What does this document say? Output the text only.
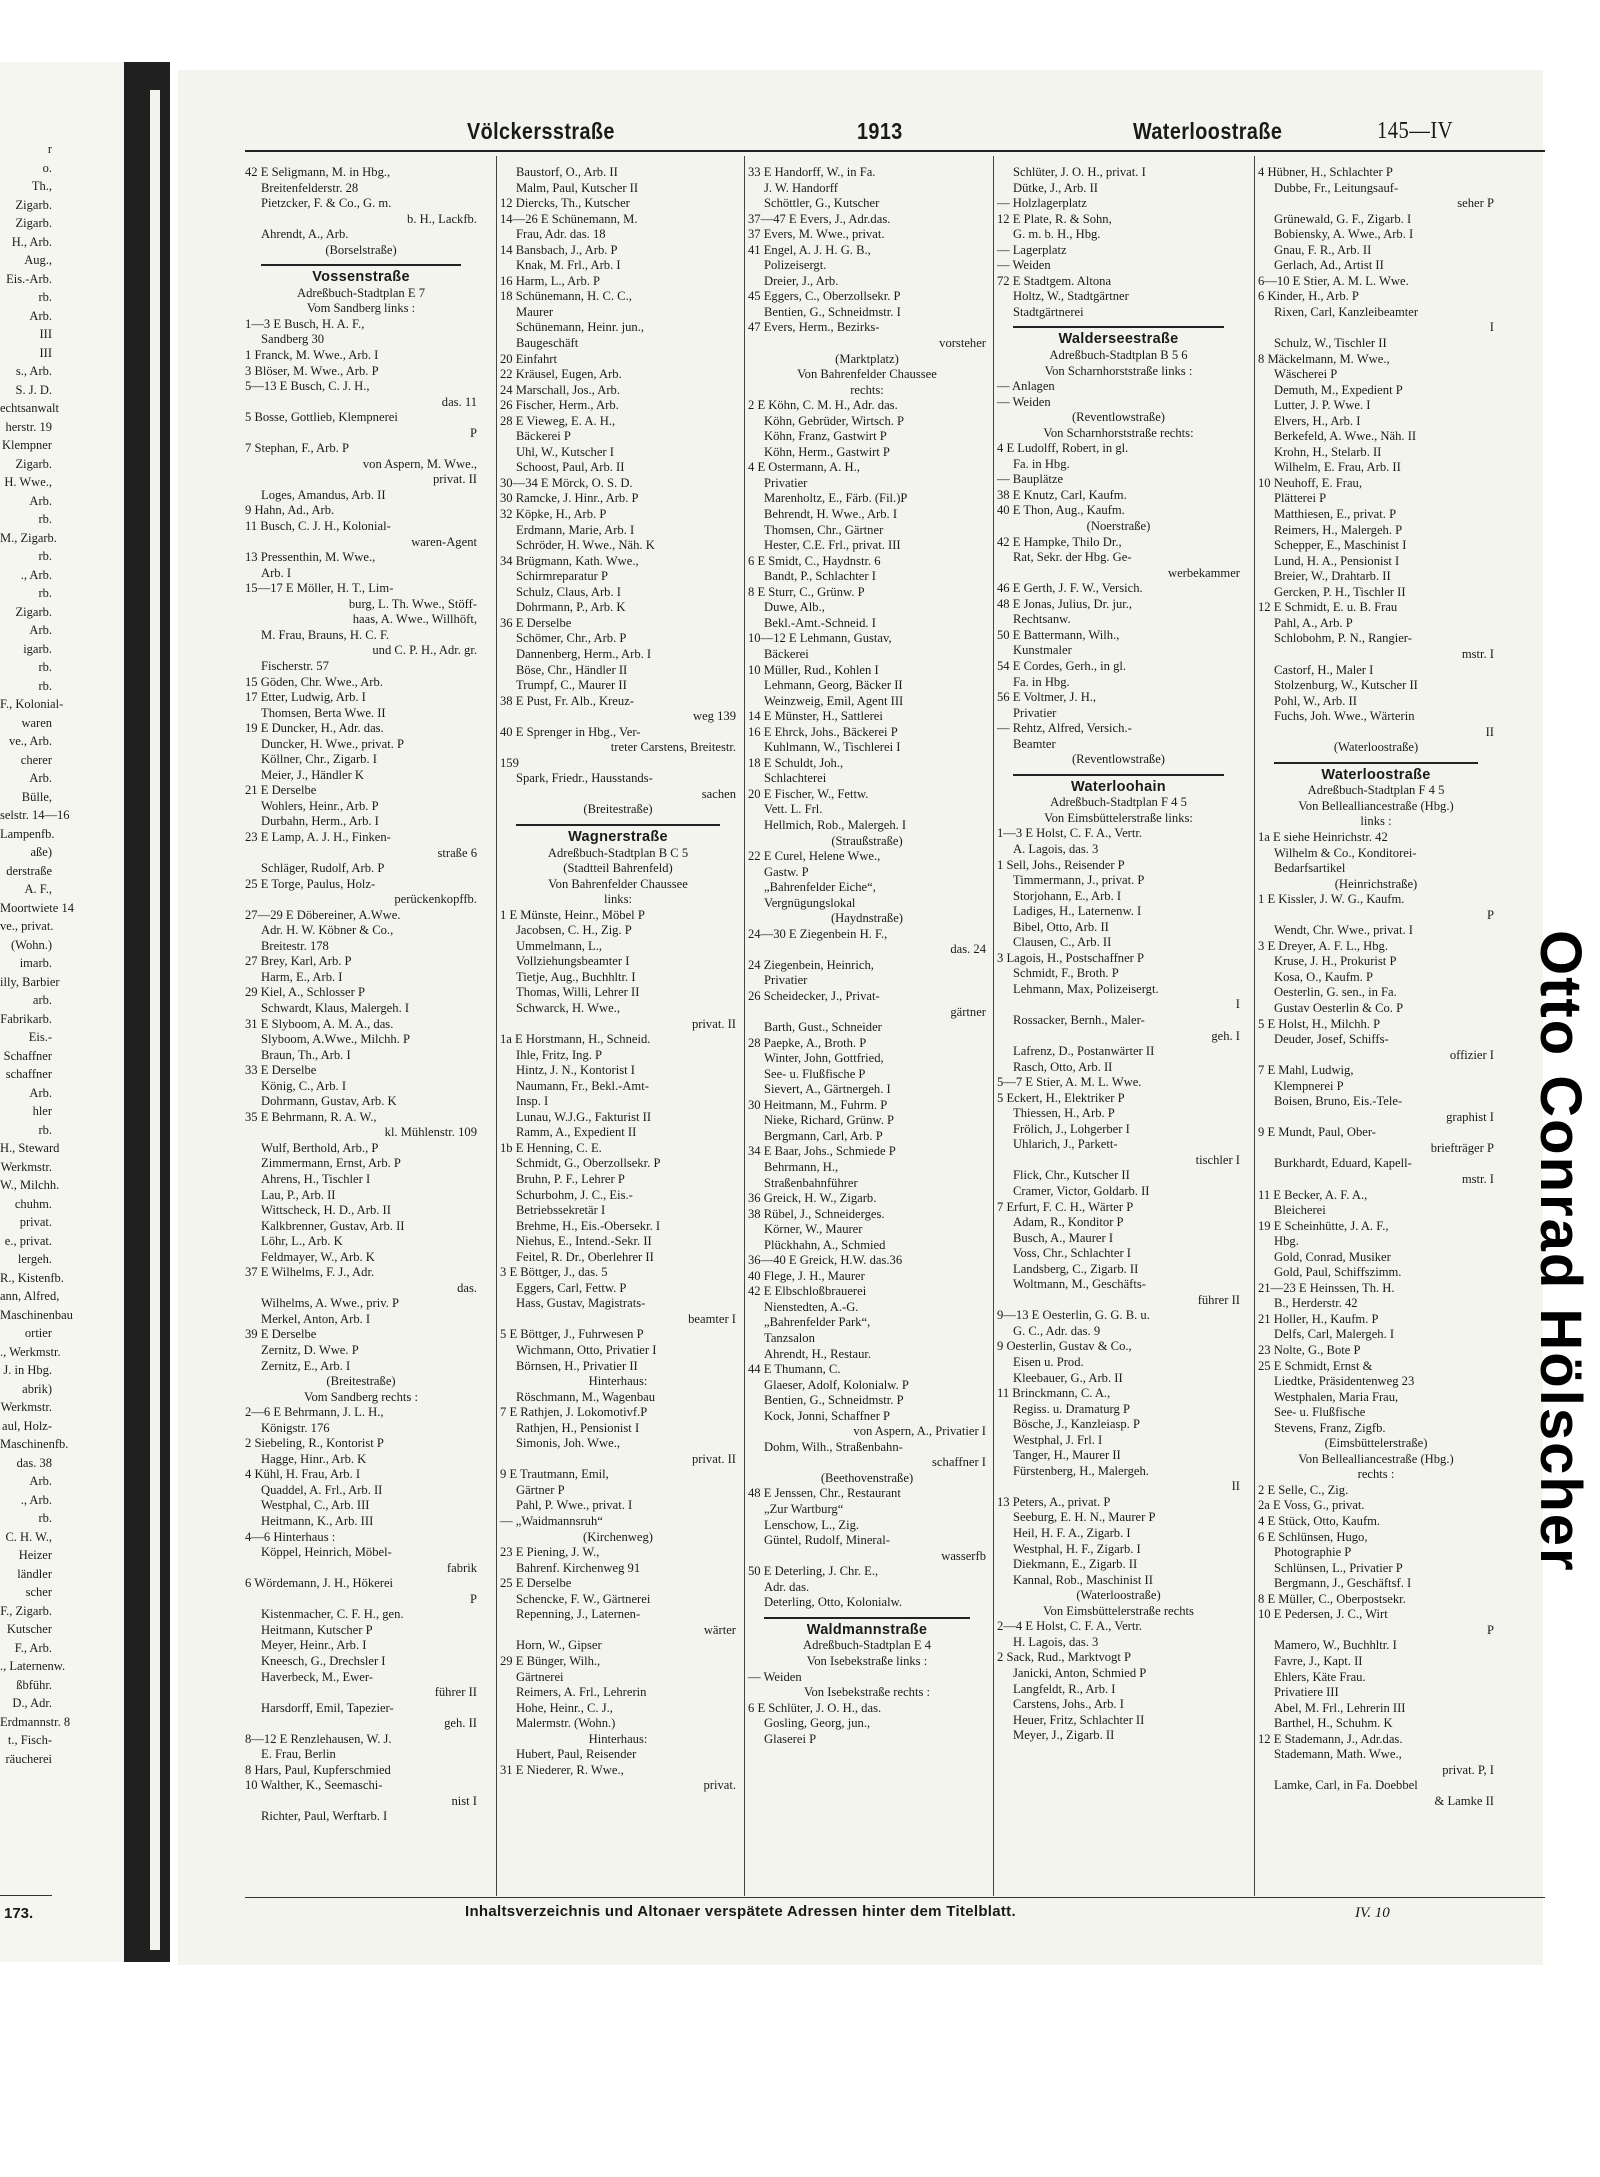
r
o.
Th.,
Zigarb.
Zigarb.
H., Arb.
Aug.,
Eis.-Arb.
rb.
Arb.
III
III
s., Arb.
S. J. D.
echtsanwalt
herstr. 19
Klempner
Zigarb.
H. Wwe.,
Arb.
rb.
M., Zigarb.
rb.
., Arb.
rb.
Zigarb.
Arb.
igarb.
rb.
rb.
F., Kolonial-
waren
ve., Arb.
cherer
Arb.
Bülle,
selstr. 14—16
Lampenfb.
aße)
derstraße
A. F.,
Moortwiete 14
ve., privat.
(Wohn.)
imarb.
illy, Barbier
arb.
Fabrikarb.
Eis.-
Schaffner
schaffner
Arb.
hler
rb.
H., Steward
Werkmstr.
W., Milchh.
chuhm.
privat.
e., privat.
lergeh.
R., Kistenfb.
ann, Alfred,
Maschinenbau
ortier
., Werkmstr.
J. in Hbg.
abrik)
Werkmstr.
aul, Holz-
Maschinenfb.
das. 38
Arb.
., Arb.
rb.
C. H. W.,
Heizer
ländler
scher
F., Zigarb.
Kutscher
F., Arb.
., Laternenw.
ßbführ.
D., Adr.
Erdmannstr. 8
t., Fisch-
räucherei
173.
Otto Conrad Hölscher
Völckersstraße	1913	Waterloostraße	145—IV
42 E Seligmann, M. in Hbg.,
Breitenfelderstr. 28
Pietzcker, F. & Co., G. m.
b. H., Lackfb.
Ahrendt, A., Arb.
(Borselstraße)
Vossenstraße
Adreßbuch-Stadtplan E 7
Vom Sandberg links :
1—3 E Busch, H. A. F.,
Sandberg 30
1 Franck, M. Wwe., Arb. I
3 Blöser, M. Wwe., Arb. P
5—13 E Busch, C. J. H.,
das. 11
5 Bosse, Gottlieb, Klempnerei
P
7 Stephan, F., Arb. P
von Aspern, M. Wwe.,
privat. II
Loges, Amandus, Arb. II
9 Hahn, Ad., Arb.
11 Busch, C. J. H., Kolonial-
waren-Agent
13 Pressenthin, M. Wwe.,
Arb. I
15—17 E Möller, H. T., Lim-
burg, L. Th. Wwe., Stöff-
haas, A. Wwe., Willhöft,
M. Frau, Brauns, H. C. F.
und C. P. H., Adr. gr.
Fischerstr. 57
15 Göden, Chr. Wwe., Arb.
17 Etter, Ludwig, Arb. I
Thomsen, Berta Wwe. II
19 E Duncker, H., Adr. das.
Duncker, H. Wwe., privat. P
Köllner, Chr., Zigarb. I
Meier, J., Händler K
21 E Derselbe
Wohlers, Heinr., Arb. P
Durbahn, Herm., Arb. I
23 E Lamp, A. J. H., Finken-
straße 6
Schläger, Rudolf, Arb. P
25 E Torge, Paulus, Holz-
perückenkopffb.
27—29 E Döbereiner, A.Wwe.
Adr. H. W. Köbner & Co.,
Breitestr. 178
27 Brey, Karl, Arb. P
Harm, E., Arb. I
29 Kiel, A., Schlosser P
Schwardt, Klaus, Malergeh. I
31 E Slyboom, A. M. A., das.
Slyboom, A.Wwe., Milchh. P
Braun, Th., Arb. I
33 E Derselbe
König, C., Arb. I
Dohrmann, Gustav, Arb. K
35 E Behrmann, R. A. W.,
kl. Mühlenstr. 109
Wulf, Berthold, Arb., P
Zimmermann, Ernst, Arb. P
Ahrens, H., Tischler I
Lau, P., Arb. II
Wittscheck, H. D., Arb. II
Kalkbrenner, Gustav, Arb. II
Löhr, L., Arb. K
Feldmayer, W., Arb. K
37 E Wilhelms, F. J., Adr.
das.
Wilhelms, A. Wwe., priv. P
Merkel, Anton, Arb. I
39 E Derselbe
Zernitz, D. Wwe. P
Zernitz, E., Arb. I
(Breitestraße)
Vom Sandberg rechts :
2—6 E Behrmann, J. L. H.,
Königstr. 176
2 Siebeling, R., Kontorist P
Hagge, Hinr., Arb. K
4 Kühl, H. Frau, Arb. I
Quaddel, A. Frl., Arb. II
Westphal, C., Arb. III
Heitmann, K., Arb. III
4—6 Hinterhaus :
Köppel, Heinrich, Möbel-
fabrik
6 Wördemann, J. H., Hökerei
P
Kistenmacher, C. F. H., gen.
Heitmann, Kutscher P
Meyer, Heinr., Arb. I
Kneesch, G., Drechsler I
Haverbeck, M., Ewer-
führer II
Harsdorff, Emil, Tapezier-
geh. II
8—12 E Renzlehausen, W. J.
E. Frau, Berlin
8 Hars, Paul, Kupferschmied
10 Walther, K., Seemaschi-
nist I
Richter, Paul, Werftarb. I
Baustorf, O., Arb. II
Malm, Paul, Kutscher II
12 Diercks, Th., Kutscher
14—26 E Schünemann, M.
Frau, Adr. das. 18
14 Bansbach, J., Arb. P
Knak, M. Frl., Arb. I
16 Harm, L., Arb. P
18 Schünemann, H. C. C.,
Maurer
Schünemann, Heinr. jun.,
Baugeschäft
20 Einfahrt
22 Kräusel, Eugen, Arb.
24 Marschall, Jos., Arb.
26 Fischer, Herm., Arb.
28 E Vieweg, E. A. H.,
Bäckerei P
Uhl, W., Kutscher I
Schoost, Paul, Arb. II
30—34 E Mörck, O. S. D.
30 Ramcke, J. Hinr., Arb. P
32 Köpke, H., Arb. P
Erdmann, Marie, Arb. I
Schröder, H. Wwe., Näh. K
34 Brügmann, Kath. Wwe.,
Schirmreparatur P
Schulz, Claus, Arb. I
Dohrmann, P., Arb. K
36 E Derselbe
Schömer, Chr., Arb. P
Dannenberg, Herm., Arb. I
Böse, Chr., Händler II
Trumpf, C., Maurer II
38 E Pust, Fr. Alb., Kreuz-
weg 139
40 E Sprenger in Hbg., Ver-
treter Carstens, Breitestr.
159
Spark, Friedr., Hausstands-
sachen
(Breitestraße)
Wagnerstraße
Adreßbuch-Stadtplan B C 5
(Stadtteil Bahrenfeld)
Von Bahrenfelder Chaussee
links:
1 E Münste, Heinr., Möbel P
Jacobsen, C. H., Zig. P
Ummelmann, L.,
Vollziehungsbeamter I
Tietje, Aug., Buchhltr. I
Thomas, Willi, Lehrer II
Schwarck, H. Wwe.,
privat. II
1a E Horstmann, H., Schneid.
Ihle, Fritz, Ing. P
Hintz, J. N., Kontorist I
Naumann, Fr., Bekl.-Amt-
Insp. I
Lunau, W.J.G., Fakturist II
Ramm, A., Expedient II
1b E Henning, C. E.
Schmidt, G., Oberzollsekr. P
Bruhn, P. F., Lehrer P
Schurbohm, J. C., Eis.-
Betriebssekretär I
Brehme, H., Eis.-Obersekr. I
Niehus, E., Intend.-Sekr. II
Feitel, R. Dr., Oberlehrer II
3 E Böttger, J., das. 5
Eggers, Carl, Fettw. P
Hass, Gustav, Magistrats-
beamter I
5 E Böttger, J., Fuhrwesen P
Wichmann, Otto, Privatier I
Börnsen, H., Privatier II
Hinterhaus:
Röschmann, M., Wagenbau
7 E Rathjen, J. Lokomotivf.P
Rathjen, H., Pensionist I
Simonis, Joh. Wwe.,
privat. II
9 E Trautmann, Emil,
Gärtner P
Pahl, P. Wwe., privat. I
— „Waidmannsruh“
(Kirchenweg)
23 E Piening, J. W.,
Bahrenf. Kirchenweg 91
25 E Derselbe
Schencke, F. W., Gärtnerei
Repenning, J., Laternen-
wärter
Horn, W., Gipser
29 E Bünger, Wilh.,
Gärtnerei
Reimers, A. Frl., Lehrerin
Hohe, Heinr., C. J.,
Malermstr. (Wohn.)
Hinterhaus:
Hubert, Paul, Reisender
31 E Niederer, R. Wwe.,
privat.
33 E Handorff, W., in Fa.
J. W. Handorff
Schöttler, G., Kutscher
37—47 E Evers, J., Adr.das.
37 Evers, M. Wwe., privat.
41 Engel, A. J. H. G. B.,
Polizeisergt.
Dreier, J., Arb.
45 Eggers, C., Oberzollsekr. P
Bentien, G., Schneidmstr. I
47 Evers, Herm., Bezirks-
vorsteher
(Marktplatz)
Von Bahrenfelder Chaussee
rechts:
2 E Köhn, C. M. H., Adr. das.
Köhn, Gebrüder, Wirtsch. P
Köhn, Franz, Gastwirt P
Köhn, Herm., Gastwirt P
4 E Ostermann, A. H.,
Privatier
Marenholtz, E., Färb. (Fil.)P
Behrendt, H. Wwe., Arb. I
Thomsen, Chr., Gärtner
Hester, C.E. Frl., privat. III
6 E Smidt, C., Haydnstr. 6
Bandt, P., Schlachter I
8 E Sturr, C., Grünw. P
Duwe, Alb.,
Bekl.-Amt.-Schneid. I
10—12 E Lehmann, Gustav,
Bäckerei
10 Müller, Rud., Kohlen I
Lehmann, Georg, Bäcker II
Weinzweig, Emil, Agent III
14 E Münster, H., Sattlerei
16 E Ehrck, Johs., Bäckerei P
Kuhlmann, W., Tischlerei I
18 E Schuldt, Joh.,
Schlachterei
20 E Fischer, W., Fettw.
Vett. L. Frl.
Hellmich, Rob., Malergeh. I
(Straußstraße)
22 E Curel, Helene Wwe.,
Gastw. P
„Bahrenfelder Eiche“,
Vergnügungslokal
(Haydnstraße)
24—30 E Ziegenbein H. F.,
das. 24
24 Ziegenbein, Heinrich,
Privatier
26 Scheidecker, J., Privat-
gärtner
Barth, Gust., Schneider
28 Paepke, A., Broth. P
Winter, John, Gottfried,
See- u. Flußfische P
Sievert, A., Gärtnergeh. I
30 Heitmann, M., Fuhrm. P
Nieke, Richard, Grünw. P
Bergmann, Carl, Arb. P
34 E Baar, Johs., Schmiede P
Behrmann, H.,
Straßenbahnführer
36 Greick, H. W., Zigarb.
38 Rübel, J., Schneiderges.
Körner, W., Maurer
Plückhahn, A., Schmied
36—40 E Greick, H.W. das.36
40 Flege, J. H., Maurer
42 E Elbschloßbrauerei
Nienstedten, A.-G.
„Bahrenfelder Park“,
Tanzsalon
Ahrendt, H., Restaur.
44 E Thumann, C.
Glaeser, Adolf, Kolonialw. P
Bentien, G., Schneidmstr. P
Kock, Jonni, Schaffner P
von Aspern, A., Privatier I
Dohm, Wilh., Straßenbahn-
schaffner I
(Beethovenstraße)
48 E Jenssen, Chr., Restaurant
„Zur Wartburg“
Lenschow, L., Zig.
Güntel, Rudolf, Mineral-
wasserfb
50 E Deterling, J. Chr. E.,
Adr. das.
Deterling, Otto, Kolonialw.
Waldmannstraße
Adreßbuch-Stadtplan E 4
Von Isebekstraße links :
— Weiden
Von Isebekstraße rechts :
6 E Schlüter, J. O. H., das.
Gosling, Georg, jun.,
Glaserei P
Schlüter, J. O. H., privat. I
Dütke, J., Arb. II
— Holzlagerplatz
12 E Plate, R. & Sohn,
G. m. b. H., Hbg.
— Lagerplatz
— Weiden
72 E Stadtgem. Altona
Holtz, W., Stadtgärtner
Stadtgärtnerei
Walderseestraße
Adreßbuch-Stadtplan B 5 6
Von Scharnhorststraße links :
— Anlagen
— Weiden
(Reventlowstraße)
Von Scharnhorststraße rechts:
4 E Ludolff, Robert, in gl.
Fa. in Hbg.
— Bauplätze
38 E Knutz, Carl, Kaufm.
40 E Thon, Aug., Kaufm.
(Noerstraße)
42 E Hampke, Thilo Dr.,
Rat, Sekr. der Hbg. Ge-
werbekammer
46 E Gerth, J. F. W., Versich.
48 E Jonas, Julius, Dr. jur.,
Rechtsanw.
50 E Battermann, Wilh.,
Kunstmaler
54 E Cordes, Gerh., in gl.
Fa. in Hbg.
56 E Voltmer, J. H.,
Privatier
— Rehtz, Alfred, Versich.-
Beamter
(Reventlowstraße)
Waterloohain
Adreßbuch-Stadtplan F 4 5
Von Eimsbüttelerstraße links:
1—3 E Holst, C. F. A., Vertr.
A. Lagois, das. 3
1 Sell, Johs., Reisender P
Timmermann, J., privat. P
Storjohann, E., Arb. I
Ladiges, H., Laternenw. I
Bibel, Otto, Arb. II
Clausen, C., Arb. II
3 Lagois, H., Postschaffner P
Schmidt, F., Broth. P
Lehmann, Max, Polizeisergt.
I
Rossacker, Bernh., Maler-
geh. I
Lafrenz, D., Postanwärter II
Rasch, Otto, Arb. II
5—7 E Stier, A. M. L. Wwe.
5 Eckert, H., Elektriker P
Thiessen, H., Arb. P
Frölich, J., Lohgerber I
Uhlarich, J., Parkett-
tischler I
Flick, Chr., Kutscher II
Cramer, Victor, Goldarb. II
7 Erfurt, F. C. H., Wärter P
Adam, R., Konditor P
Busch, A., Maurer I
Voss, Chr., Schlachter I
Landsberg, C., Zigarb. II
Woltmann, M., Geschäfts-
führer II
9—13 E Oesterlin, G. G. B. u.
G. C., Adr. das. 9
9 Oesterlin, Gustav & Co.,
Eisen u. Prod.
Kleebauer, G., Arb. II
11 Brinckmann, C. A.,
Regiss. u. Dramaturg P
Bösche, J., Kanzleiasp. P
Westphal, J. Frl. I
Tanger, H., Maurer II
Fürstenberg, H., Malergeh.
II
13 Peters, A., privat. P
Seeburg, E. H. N., Maurer P
Heil, H. F. A., Zigarb. I
Westphal, H. F., Zigarb. I
Diekmann, E., Zigarb. II
Kannal, Rob., Maschinist II
(Waterloostraße)
Von Eimsbüttelerstraße rechts
2—4 E Holst, C. F. A., Vertr.
H. Lagois, das. 3
2 Sack, Rud., Marktvogt P
Janicki, Anton, Schmied P
Langfeldt, R., Arb. I
Carstens, Johs., Arb. I
Heuer, Fritz, Schlachter II
Meyer, J., Zigarb. II
4 Hübner, H., Schlachter P
Dubbe, Fr., Leitungsauf-
seher P
Grünewald, G. F., Zigarb. I
Bobiensky, A. Wwe., Arb. I
Gnau, F. R., Arb. II
Gerlach, Ad., Artist II
6—10 E Stier, A. M. L. Wwe.
6 Kinder, H., Arb. P
Rixen, Carl, Kanzleibeamter
I
Schulz, W., Tischler II
8 Mäckelmann, M. Wwe.,
Wäscherei P
Demuth, M., Expedient P
Lutter, J. P. Wwe. I
Elvers, H., Arb. I
Berkefeld, A. Wwe., Näh. II
Krohn, H., Stelarb. II
Wilhelm, E. Frau, Arb. II
10 Neuhoff, E. Frau,
Plätterei P
Matthiesen, E., privat. P
Reimers, H., Malergeh. P
Schepper, E., Maschinist I
Lund, H. A., Pensionist I
Breier, W., Drahtarb. II
Gercken, P. H., Tischler II
12 E Schmidt, E. u. B. Frau
Pahl, A., Arb. P
Schlobohm, P. N., Rangier-
mstr. I
Castorf, H., Maler I
Stolzenburg, W., Kutscher II
Pohl, W., Arb. II
Fuchs, Joh. Wwe., Wärterin
II
(Waterloostraße)
Waterloostraße
Adreßbuch-Stadtplan F 4 5
Von Belleallianсestraße (Hbg.)
links :
1a E siehe Heinrichstr. 42
Wilhelm & Co., Konditorei-
Bedarfsartikel
(Heinrichstraße)
1 E Kissler, J. W. G., Kaufm.
P
Wendt, Chr. Wwe., privat. I
3 E Dreyer, A. F. L., Hbg.
Kruse, J. H., Prokurist P
Kosa, O., Kaufm. P
Oesterlin, G. sen., in Fa.
Gustav Oesterlin & Co. P
5 E Holst, H., Milchh. P
Deuder, Josef, Schiffs-
offizier I
7 E Mahl, Ludwig,
Klempnerei P
Boisen, Bruno, Eis.-Tele-
graphist I
9 E Mundt, Paul, Ober-
briefträger P
Burkhardt, Eduard, Kapell-
mstr. I
11 E Becker, A. F. A.,
Bleicherei
19 E Scheinhütte, J. A. F.,
Hbg.
Gold, Conrad, Musiker
Gold, Paul, Schiffszimm.
21—23 E Heinssen, Th. H.
B., Herderstr. 42
21 Holler, H., Kaufm. P
Delfs, Carl, Malergeh. I
23 Nolte, G., Bote P
25 E Schmidt, Ernst &
Liedtke, Präsidentenweg 23
Westphalen, Maria Frau,
See- u. Flußfische
Stevens, Franz, Zigfb.
(Eimsbüttelerstraße)
Von Belleallianсestraße (Hbg.)
rechts :
2 E Selle, C., Zig.
2a E Voss, G., privat.
4 E Stück, Otto, Kaufm.
6 E Schlünsen, Hugo,
Photographie P
Schlünsen, L., Privatier P
Bergmann, J., Geschäftsf. I
8 E Müller, C., Oberpostsekr.
10 E Pedersen, J. C., Wirt
P
Mamero, W., Buchhltr. I
Favre, J., Kapt. II
Ehlers, Käte Frau.
Privatiere III
Abel, M. Frl., Lehrerin III
Barthel, H., Schuhm. K
12 E Stademann, J., Adr.das.
Stademann, Math. Wwe.,
privat. P, I
Lamke, Carl, in Fa. Doebbel
& Lamke II
Inhaltsverzeichnis und Altonaer verspätete Adressen hinter dem Titelblatt.	IV. 10
